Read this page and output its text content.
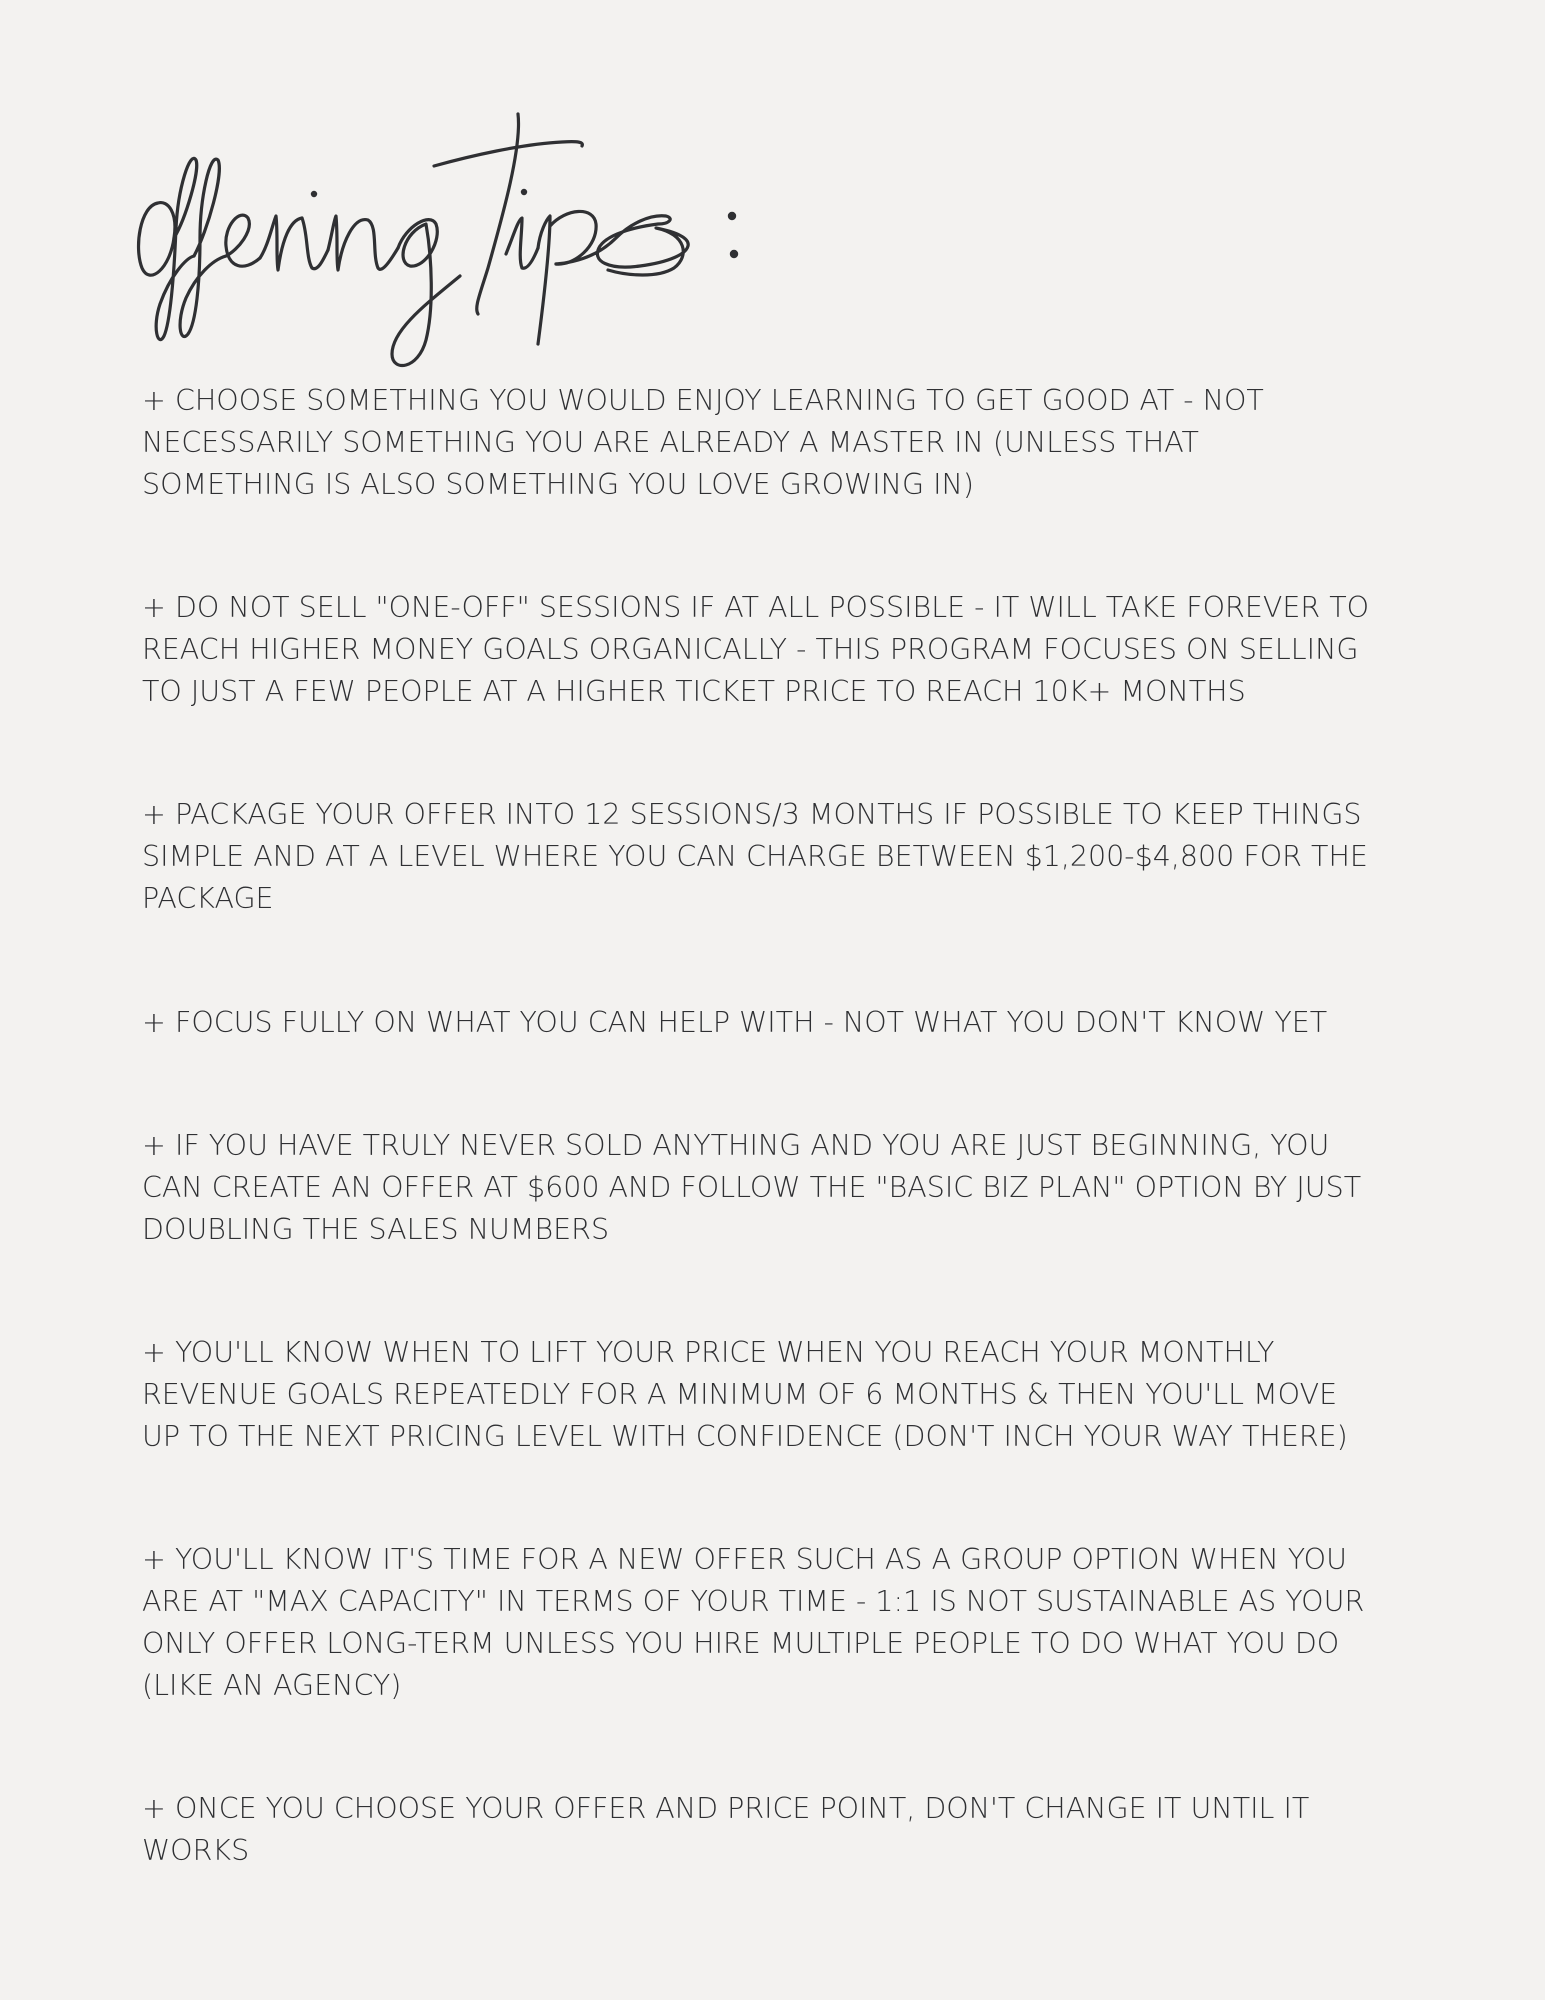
+ CHOOSE SOMETHING YOU WOULD ENJOY LEARNING TO GET GOOD AT - NOT
NECESSARILY SOMETHING YOU ARE ALREADY A MASTER IN (UNLESS THAT
SOMETHING IS ALSO SOMETHING YOU LOVE GROWING IN)

+ DO NOT SELL "ONE-OFF" SESSIONS IF AT ALL POSSIBLE - IT WILL TAKE FOREVER TO
REACH HIGHER MONEY GOALS ORGANICALLY - THIS PROGRAM FOCUSES ON SELLING
TO JUST A FEW PEOPLE AT A HIGHER TICKET PRICE TO REACH 10K+ MONTHS

+ PACKAGE YOUR OFFER INTO 12 SESSIONS/3 MONTHS IF POSSIBLE TO KEEP THINGS
SIMPLE AND AT A LEVEL WHERE YOU CAN CHARGE BETWEEN $1,200-$4,800 FOR THE
PACKAGE

+ FOCUS FULLY ON WHAT YOU CAN HELP WITH - NOT WHAT YOU DON'T KNOW YET

+ IF YOU HAVE TRULY NEVER SOLD ANYTHING AND YOU ARE JUST BEGINNING, YOU
CAN CREATE AN OFFER AT $600 AND FOLLOW THE "BASIC BIZ PLAN" OPTION BY JUST
DOUBLING THE SALES NUMBERS

+ YOU'LL KNOW WHEN TO LIFT YOUR PRICE WHEN YOU REACH YOUR MONTHLY
REVENUE GOALS REPEATEDLY FOR A MINIMUM OF 6 MONTHS & THEN YOU'LL MOVE
UP TO THE NEXT PRICING LEVEL WITH CONFIDENCE (DON'T INCH YOUR WAY THERE)

+ YOU'LL KNOW IT'S TIME FOR A NEW OFFER SUCH AS A GROUP OPTION WHEN YOU
ARE AT "MAX CAPACITY" IN TERMS OF YOUR TIME - 1:1 IS NOT SUSTAINABLE AS YOUR
ONLY OFFER LONG-TERM UNLESS YOU HIRE MULTIPLE PEOPLE TO DO WHAT YOU DO
(LIKE AN AGENCY)

+ ONCE YOU CHOOSE YOUR OFFER AND PRICE POINT, DON'T CHANGE IT UNTIL IT
WORKS
